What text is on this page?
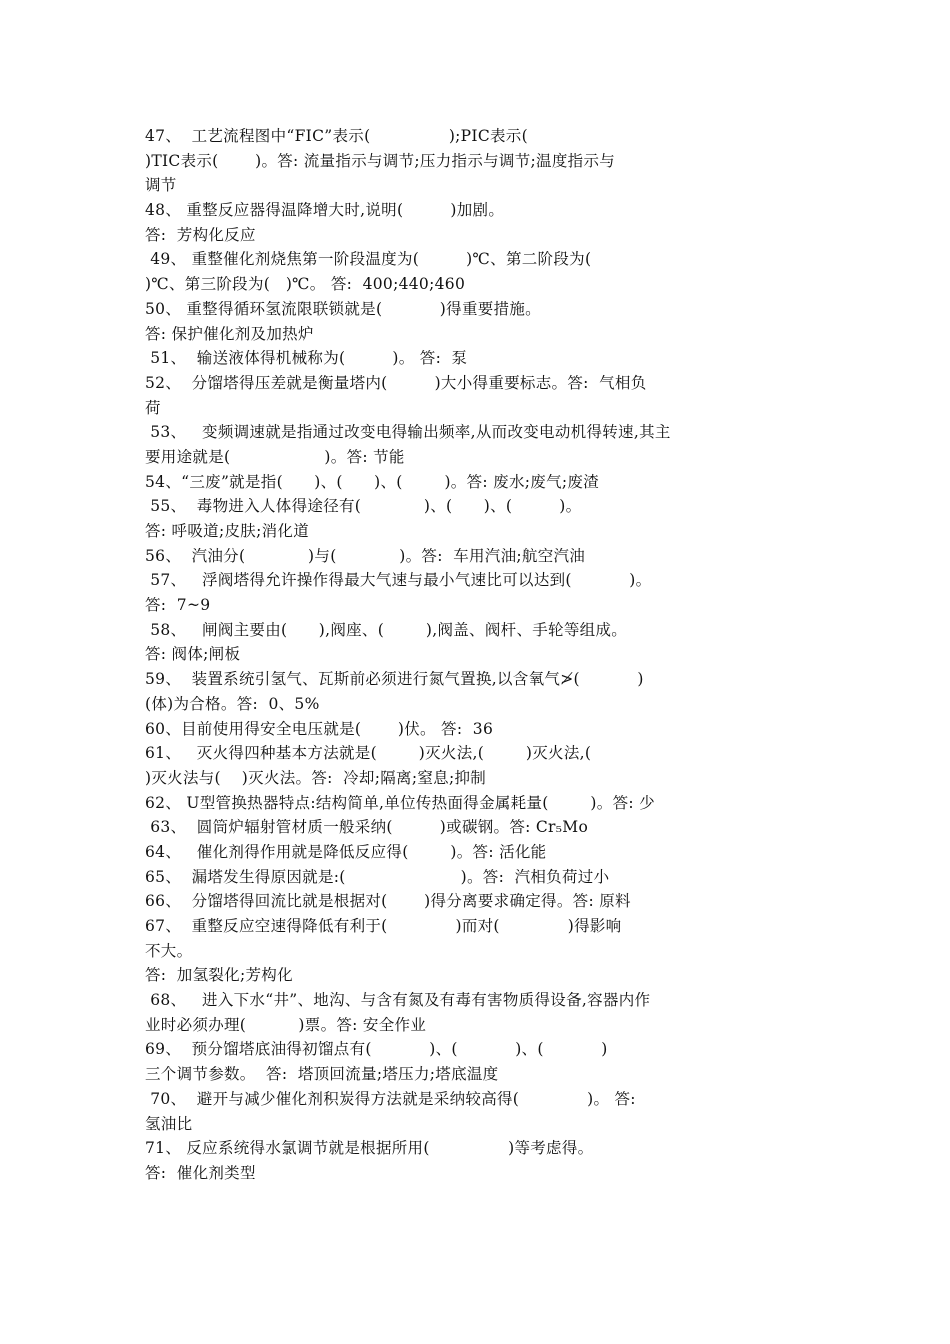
47、  工艺流程图中“FIC”表示(               );PIC表示(
)TIC表示(       )。答: 流量指示与调节;压力指示与调节;温度指示与
调节
48、 重整反应器得温降增大时,说明(         )加剧。
答:  芳构化反应
49、 重整催化剂烧焦第一阶段温度为(         )℃、第二阶段为(
)℃、第三阶段为(   )℃。 答:  400;440;460
50、 重整得循环氢流限联锁就是(           )得重要措施。
答: 保护催化剂及加热炉
51、  输送液体得机械称为(         )。 答:  泵
52、  分馏塔得压差就是衡量塔内(         )大小得重要标志。答:  气相负
荷
53、   变频调速就是指通过改变电得输出频率,从而改变电动机得转速,其主
要用途就是(                  )。答: 节能
54、“三废”就是指(      )、(      )、(        )。答: 废水;废气;废渣
55、  毒物进入人体得途径有(            )、(      )、(         )。
答: 呼吸道;皮肤;消化道
56、  汽油分(            )与(            )。答:  车用汽油;航空汽油
57、   浮阀塔得允许操作得最大气速与最小气速比可以达到(           )。
答:  7~9
58、   闸阀主要由(      ),阀座、(        ),阀盖、阀杆、手轮等组成。
答: 阀体;闸板
59、  装置系统引氢气、瓦斯前必须进行氮气置换,以含氧气≯(           )
(体)为合格。答:  0、5%
60、目前使用得安全电压就是(       )伏。 答:  36
61、   灭火得四种基本方法就是(        )灭火法,(        )灭火法,(
)灭火法与(    )灭火法。答:  冷却;隔离;窒息;抑制
62、 U型管换热器特点:结构简单,单位传热面得金属耗量(        )。答: 少
63、  圆筒炉辐射管材质一般采纳(         )或碳钢。答: Cr₅Mo
64、   催化剂得作用就是降低反应得(        )。答: 活化能
65、  漏塔发生得原因就是:(                      )。答:  汽相负荷过小
66、  分馏塔得回流比就是根据对(       )得分离要求确定得。答: 原料
67、  重整反应空速得降低有利于(             )而对(             )得影响
不大。
答:  加氢裂化;芳构化
68、   进入下水“井”、地沟、与含有氮及有毒有害物质得设备,容器内作
业时必须办理(          )票。答: 安全作业
69、  预分馏塔底油得初馏点有(           )、(           )、(           )
三个调节参数。  答:  塔顶回流量;塔压力;塔底温度
70、  避开与减少催化剂积炭得方法就是采纳较高得(             )。 答:
氢油比
71、 反应系统得水氯调节就是根据所用(               )等考虑得。
答:  催化剂类型
